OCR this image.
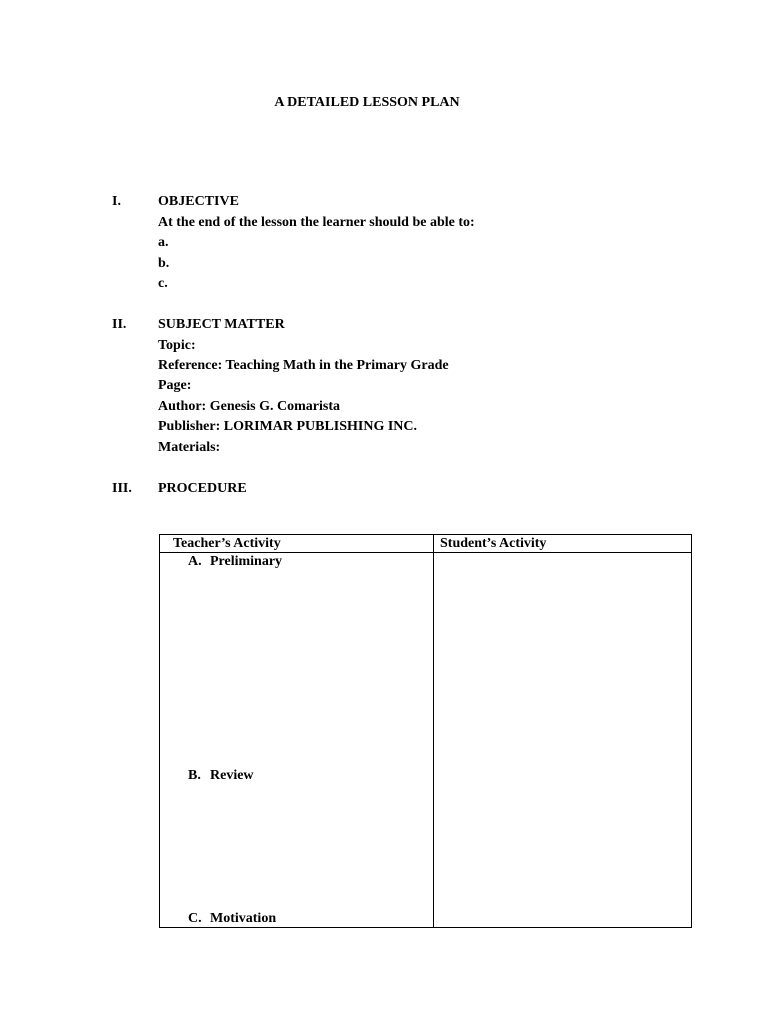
A DETAILED LESSON PLAN
I.	OBJECTIVE
At the end of the lesson the learner should be able to:
a.
b.
c.
II. SUBJECT MATTER
Topic:
Reference: Teaching Math in the Primary Grade
Page:
Author: Genesis G. Comarista
Publisher: LORIMAR PUBLISHING INC.
Materials:
III. PROCEDURE
Teacher’s Activity	Student’s Activity
A. Preliminary
B. Review
C. Motivation
